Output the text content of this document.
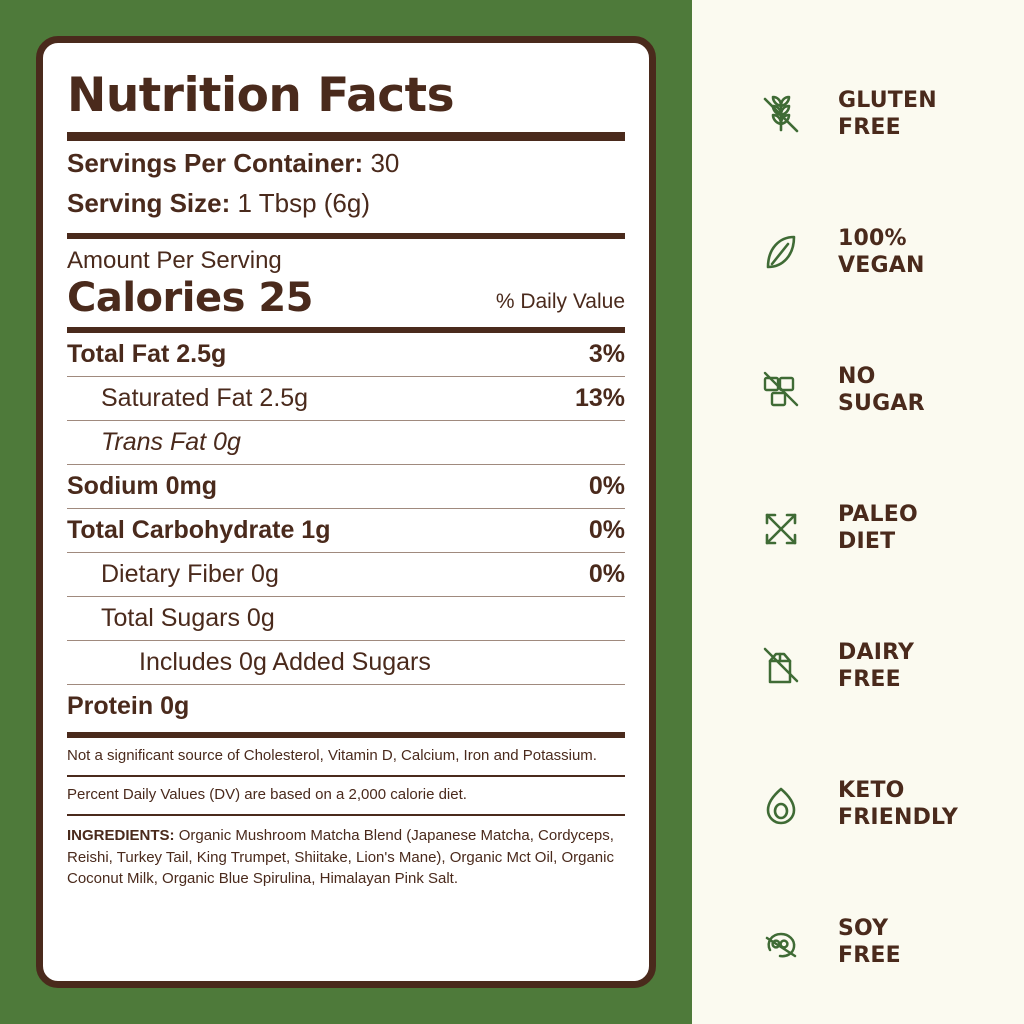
Nutrition Facts
Servings Per Container: 30
Serving Size: 1 Tbsp (6g)
Amount Per Serving
Calories 25	% Daily Value
Total Fat 2.5g	3%
Saturated Fat 2.5g	13%
Trans Fat 0g
Sodium 0mg	0%
Total Carbohydrate 1g	0%
Dietary Fiber 0g	0%
Total Sugars 0g
Includes 0g Added Sugars
Protein 0g
Not a significant source of Cholesterol, Vitamin D, Calcium, Iron and Potassium.
Percent Daily Values (DV) are based on a 2,000 calorie diet.
INGREDIENTS: Organic Mushroom Matcha Blend (Japanese Matcha, Cordyceps, Reishi, Turkey Tail, King Trumpet, Shiitake, Lion's Mane), Organic Mct Oil, Organic Coconut Milk, Organic Blue Spirulina, Himalayan Pink Salt.
GLUTEN
FREE
100%
VEGAN
NO
SUGAR
PALEO
DIET
DAIRY
FREE
KETO
FRIENDLY
SOY
FREE
